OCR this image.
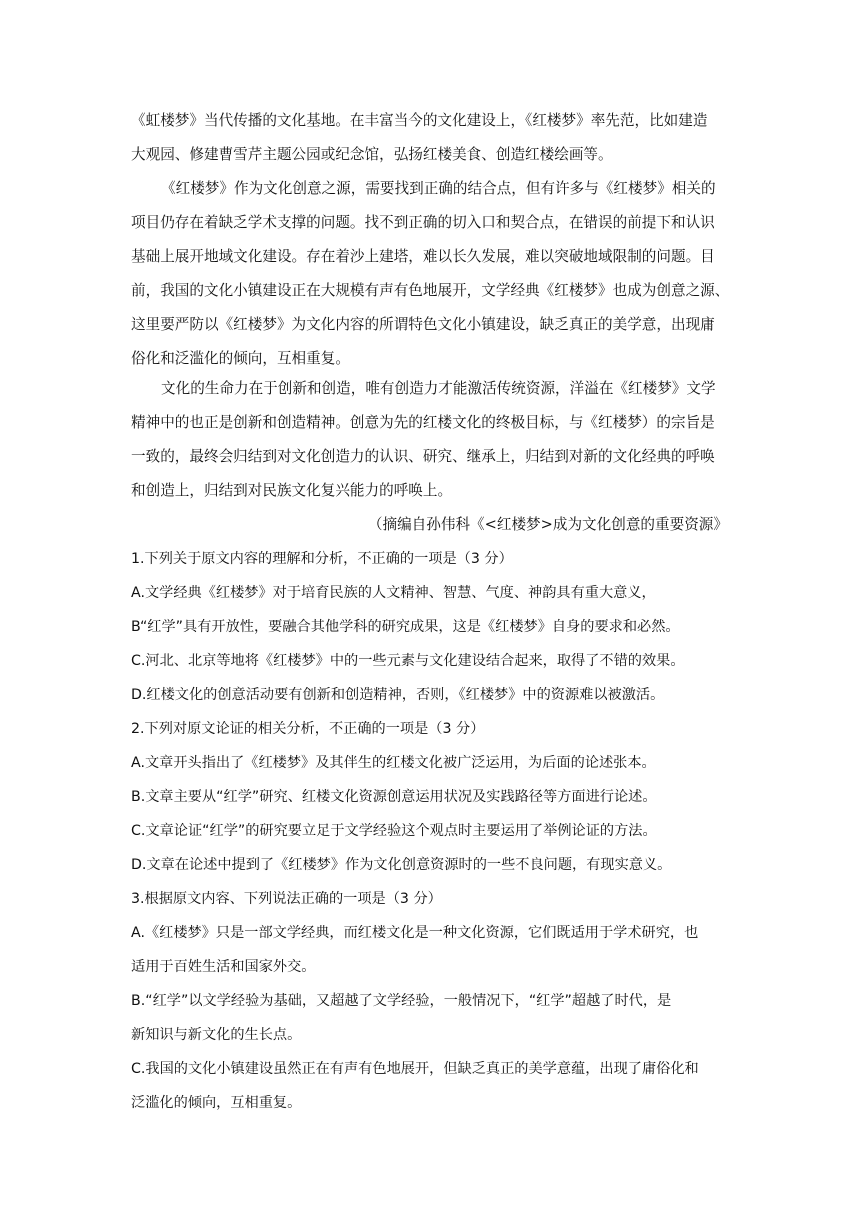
《虹楼梦》当代传播的文化基地。在丰富当今的文化建设上，《红楼梦》率先范，比如建造
大观园、修建曹雪芹主题公园或纪念馆，弘扬红楼美食、创造红楼绘画等。
《红楼梦》作为文化创意之源，需要找到正确的结合点，但有许多与《红楼梦》相关的
项目仍存在着缺乏学术支撑的问题。找不到正确的切入口和契合点，在错误的前提下和认识
基础上展开地域文化建设。存在着沙上建塔，难以长久发展，难以突破地域限制的问题。目
前，我国的文化小镇建设正在大规模有声有色地展开，文学经典《红楼梦》也成为创意之源、
这里要严防以《红楼梦》为文化内容的所谓特色文化小镇建设，缺乏真正的美学意，出现庸
俗化和泛滥化的倾向，互相重复。
文化的生命力在于创新和创造，唯有创造力才能激活传统资源，洋溢在《红楼梦》文学
精神中的也正是创新和创造精神。创意为先的红楼文化的终极目标，与《红楼梦）的宗旨是
一致的，最终会归结到对文化创造力的认识、研究、继承上，归结到对新的文化经典的呼唤
和创造上，归结到对民族文化复兴能力的呼唤上。
（摘编自孙伟科《<红楼梦>成为文化创意的重要资源》
1.下列关于原文内容的理解和分析，不正确的一项是（3 分）
A.文学经典《红楼梦》对于培育民族的人文精神、智慧、气度、神韵具有重大意义，
B“红学”具有开放性，要融合其他学科的研究成果，这是《红楼梦》自身的要求和必然。
C.河北、北京等地将《红楼梦》中的一些元素与文化建设结合起来，取得了不错的效果。
D.红楼文化的创意活动要有创新和创造精神，否则，《红楼梦》中的资源难以被激活。
2.下列对原文论证的相关分析，不正确的一项是（3 分）
A.文章开头指出了《红楼梦》及其伴生的红楼文化被广泛运用，为后面的论述张本。
B.文章主要从“红学”研究、红楼文化资源创意运用状况及实践路径等方面进行论述。
C.文章论证“红学”的研究要立足于文学经验这个观点时主要运用了举例论证的方法。
D.文章在论述中提到了《红楼梦》作为文化创意资源时的一些不良问题，有现实意义。
3.根据原文内容、下列说法正确的一项是（3 分）
A.《红楼梦》只是一部文学经典，而红楼文化是一种文化资源，它们既适用于学术研究，也
适用于百姓生活和国家外交。
B.“红学”以文学经验为基础，又超越了文学经验，一般情况下，“红学”超越了时代，是
新知识与新文化的生长点。
C.我国的文化小镇建设虽然正在有声有色地展开，但缺乏真正的美学意蕴，出现了庸俗化和
泛滥化的倾向，互相重复。
